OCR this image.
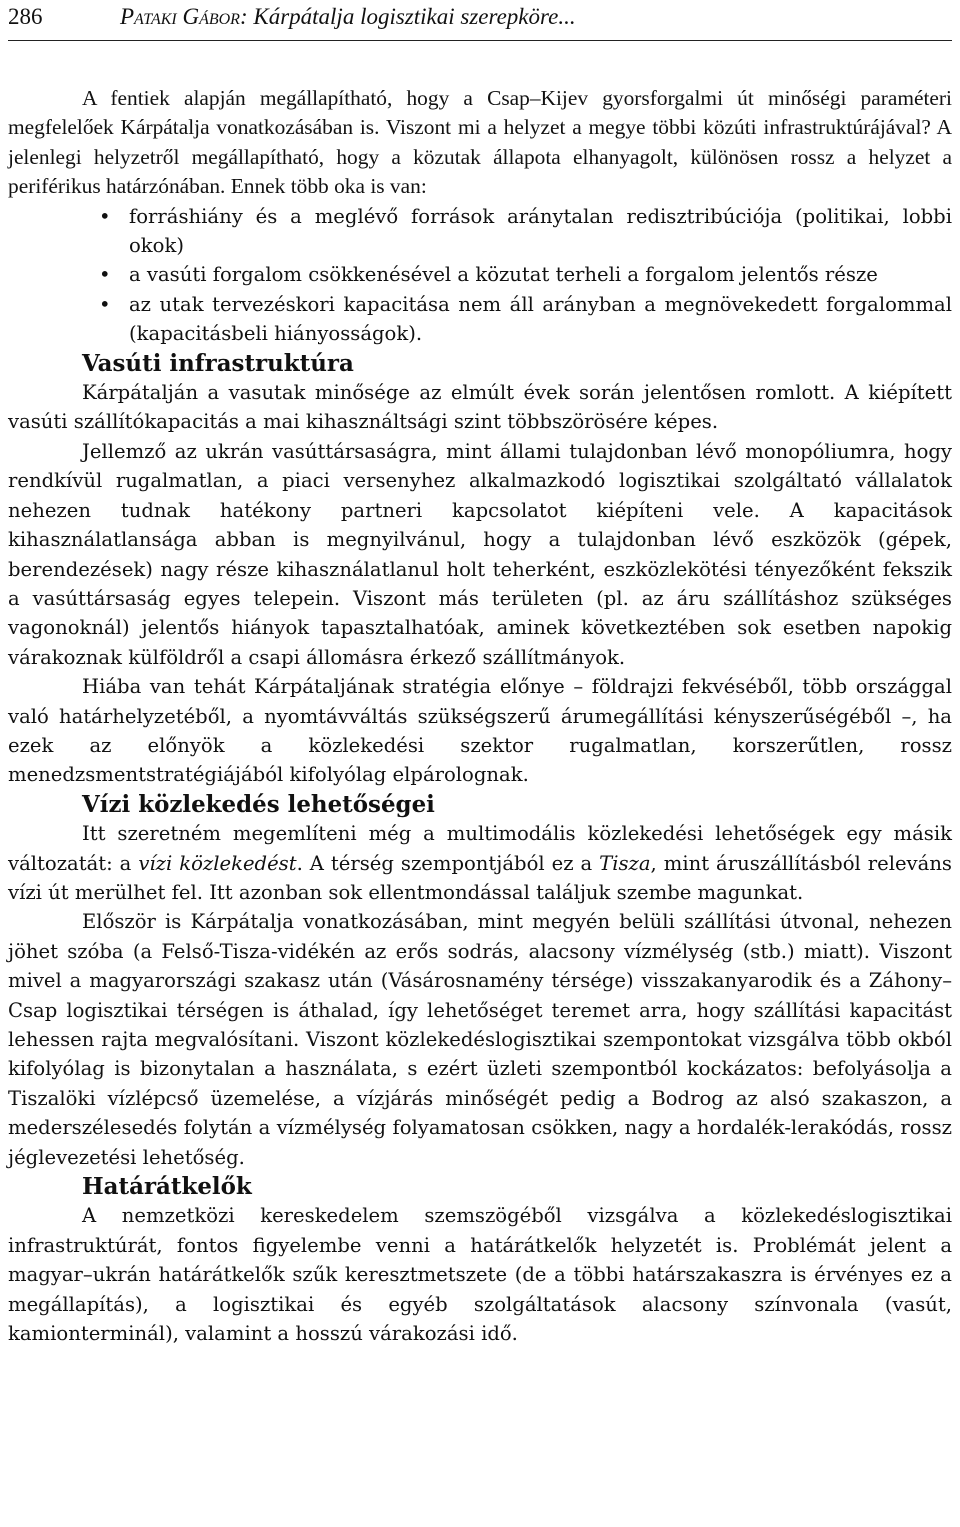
286	Pataki Gábor: Kárpátalja logisztikai szerepköre...

A fentiek alapján megállapítható, hogy a Csap–Kijev gyorsforgalmi út minőségi paraméteri megfelelőek Kárpátalja vonatkozásában is. Viszont mi a helyzet a megye többi közúti infrastruktúrájával? A jelenlegi helyzetről megállapítható, hogy a közutak állapota elhanyagolt, különösen rossz a helyzet a periférikus határzónában. Ennek több oka is van:

• forráshiány és a meglévő források aránytalan redisztribúciója (politikai, lobbi okok)
• a vasúti forgalom csökkenésével a közutat terheli a forgalom jelentős része
• az utak tervezéskori kapacitása nem áll arányban a megnövekedett forgalommal (kapacitásbeli hiányosságok).
Vasúti infrastruktúra

Kárpátalján a vasutak minősége az elmúlt évek során jelentősen romlott. A kiépített vasúti szállítókapacitás a mai kihasználtsági szint többszörösére képes.

Jellemző az ukrán vasúttársaságra, mint állami tulajdonban lévő monopóliumra, hogy rendkívül rugalmatlan, a piaci versenyhez alkalmazkodó logisztikai szolgáltató vállalatok nehezen tudnak hatékony partneri kapcsolatot kiépíteni vele. A kapacitások kihasználatlansága abban is megnyilvánul, hogy a tulajdonban lévő eszközök (gépek, berendezések) nagy része kihasználatlanul holt teherként, eszközlekötési tényezőként fekszik a vasúttársaság egyes telepein. Viszont más területen (pl. az áru szállításhoz szükséges vagonoknál) jelentős hiányok tapasztalhatóak, aminek következtében sok esetben napokig várakoznak külföldről a csapi állomásra érkező szállítmányok.

Hiába van tehát Kárpátaljának stratégia előnye – földrajzi fekvéséből, több országgal való határhelyzetéből, a nyomtávváltás szükségszerű árumegállítási kényszerűségéből –, ha ezek az előnyök a közlekedési szektor rugalmatlan, korszerűtlen, rossz menedzsmentstratégiájából kifolyólag elpárolognak.

Vízi közlekedés lehetőségei

Itt szeretném megemlíteni még a multimodális közlekedési lehetőségek egy másik változatát: a vízi közlekedést. A térség szempontjából ez a Tisza, mint áruszállításból releváns vízi út merülhet fel. Itt azonban sok ellentmondással találjuk szembe magunkat.

Először is Kárpátalja vonatkozásában, mint megyén belüli szállítási útvonal, nehezen jöhet szóba (a Felső-Tisza-vidékén az erős sodrás, alacsony vízmélység (stb.) miatt). Viszont mivel a magyarországi szakasz után (Vásárosnamény térsége) visszakanyarodik és a Záhony–Csap logisztikai térségen is áthalad, így lehetőséget teremet arra, hogy szállítási kapacitást lehessen rajta megvalósítani. Viszont közlekedéslogisztikai szempontokat vizsgálva több okból kifolyólag is bizonytalan a használata, s ezért üzleti szempontból kockázatos: befolyásolja a Tiszalöki vízlépcső üzemelése, a vízjárás minőségét pedig a Bodrog az alsó szakaszon, a mederszélesedés folytán a vízmélység folyamatosan csökken, nagy a hordalék-lerakódás, rossz jéglevezetési lehetőség.

Határátkelők

A nemzetközi kereskedelem szemszögéből vizsgálva a közlekedéslogisztikai infrastruktúrát, fontos figyelembe venni a határátkelők helyzetét is. Problémát jelent a magyar–ukrán határátkelők szűk keresztmetszete (de a többi határszakaszra is érvényes ez a megállapítás), a logisztikai és egyéb szolgáltatások alacsony színvonala (vasút, kamionterminál), valamint a hosszú várakozási idő.
